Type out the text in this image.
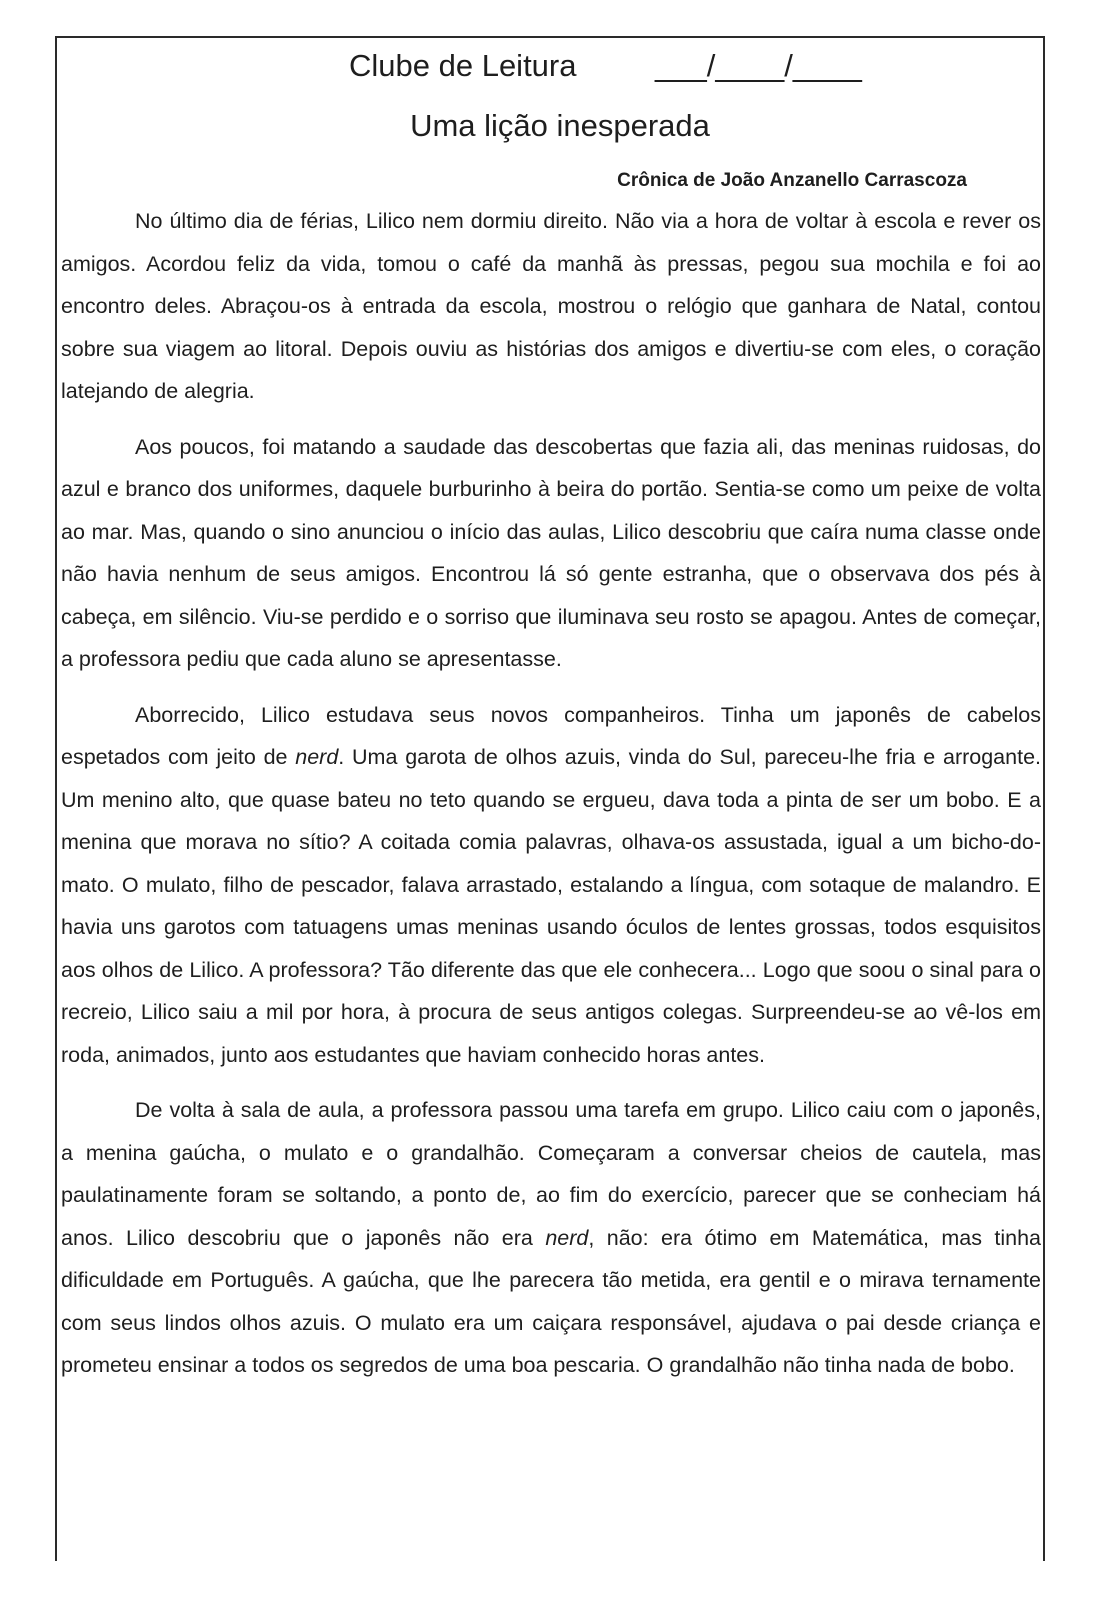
Clube de Leitura	___/____/____
Uma lição inesperada
Crônica de João Anzanello Carrascoza

No último dia de férias, Lilico nem dormiu direito. Não via a hora de voltar à escola e rever os amigos. Acordou feliz da vida, tomou o café da manhã às pressas, pegou sua mochila e foi ao encontro deles. Abraçou-os à entrada da escola, mostrou o relógio que ganhara de Natal, contou sobre sua viagem ao litoral. Depois ouviu as histórias dos amigos e divertiu-se com eles, o coração latejando de alegria.

Aos poucos, foi matando a saudade das descobertas que fazia ali, das meninas ruidosas, do azul e branco dos uniformes, daquele burburinho à beira do portão. Sentia-se como um peixe de volta ao mar. Mas, quando o sino anunciou o início das aulas, Lilico descobriu que caíra numa classe onde não havia nenhum de seus amigos. Encontrou lá só gente estranha, que o observava dos pés à cabeça, em silêncio. Viu-se perdido e o sorriso que iluminava seu rosto se apagou. Antes de começar, a professora pediu que cada aluno se apresentasse.

Aborrecido, Lilico estudava seus novos companheiros. Tinha um japonês de cabelos espetados com jeito de nerd. Uma garota de olhos azuis, vinda do Sul, pareceu-lhe fria e arrogante. Um menino alto, que quase bateu no teto quando se ergueu, dava toda a pinta de ser um bobo. E a menina que morava no sítio? A coitada comia palavras, olhava-os assustada, igual a um bicho-do-mato. O mulato, filho de pescador, falava arrastado, estalando a língua, com sotaque de malandro. E havia uns garotos com tatuagens umas meninas usando óculos de lentes grossas, todos esquisitos aos olhos de Lilico. A professora? Tão diferente das que ele conhecera... Logo que soou o sinal para o recreio, Lilico saiu a mil por hora, à procura de seus antigos colegas. Surpreendeu-se ao vê-los em roda, animados, junto aos estudantes que haviam conhecido horas antes.

De volta à sala de aula, a professora passou uma tarefa em grupo. Lilico caiu com o japonês, a menina gaúcha, o mulato e o grandalhão. Começaram a conversar cheios de cautela, mas paulatinamente foram se soltando, a ponto de, ao fim do exercício, parecer que se conheciam há anos. Lilico descobriu que o japonês não era nerd, não: era ótimo em Matemática, mas tinha dificuldade em Português. A gaúcha, que lhe parecera tão metida, era gentil e o mirava ternamente com seus lindos olhos azuis. O mulato era um caiçara responsável, ajudava o pai desde criança e prometeu ensinar a todos os segredos de uma boa pescaria. O grandalhão não tinha nada de bobo.
